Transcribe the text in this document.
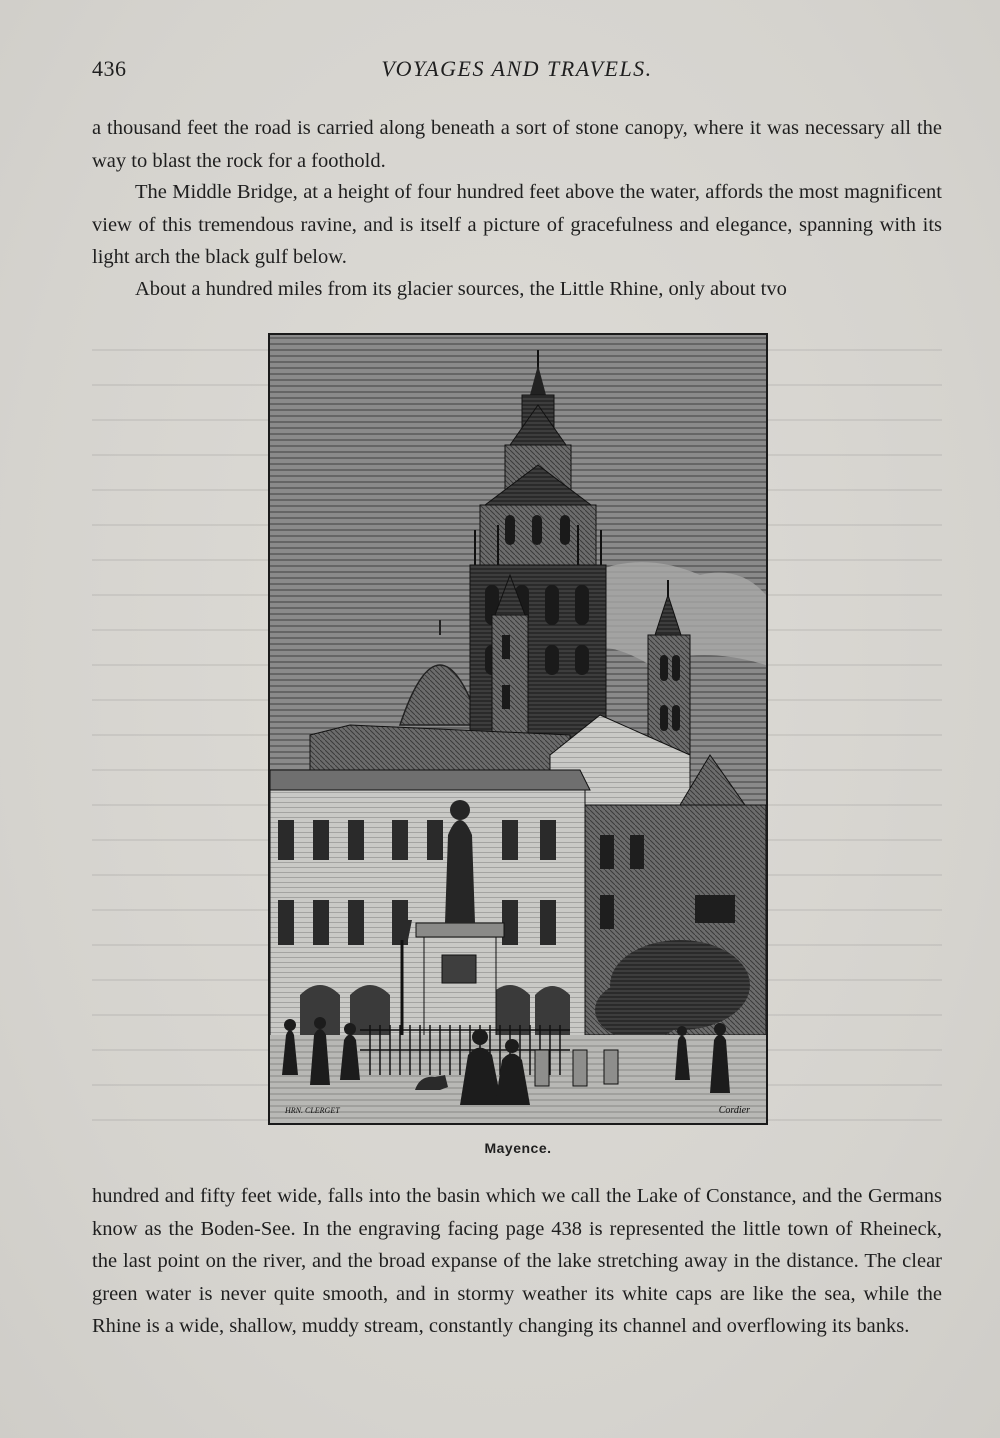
436	VOYAGES AND TRAVELS.

a thousand feet the road is carried along beneath a sort of stone canopy, where it was necessary all the way to blast the rock for a foothold.

The Middle Bridge, at a height of four hundred feet above the water, affords the most magnificent view of this tremendous ravine, and is itself a picture of gracefulness and elegance, spanning with its light arch the black gulf below.

About a hundred miles from its glacier sources, the Little Rhine, only about tvo

HRN. CLERGET	Cordier
Mayence.

hundred and fifty feet wide, falls into the basin which we call the Lake of Constance, and the Germans know as the Boden-See. In the engraving facing page 438 is represented the little town of Rheineck, the last point on the river, and the broad expanse of the lake stretching away in the distance. The clear green water is never quite smooth, and in stormy weather its white caps are like the sea, while the Rhine is a wide, shallow, muddy stream, constantly changing its channel and overflowing its banks.
